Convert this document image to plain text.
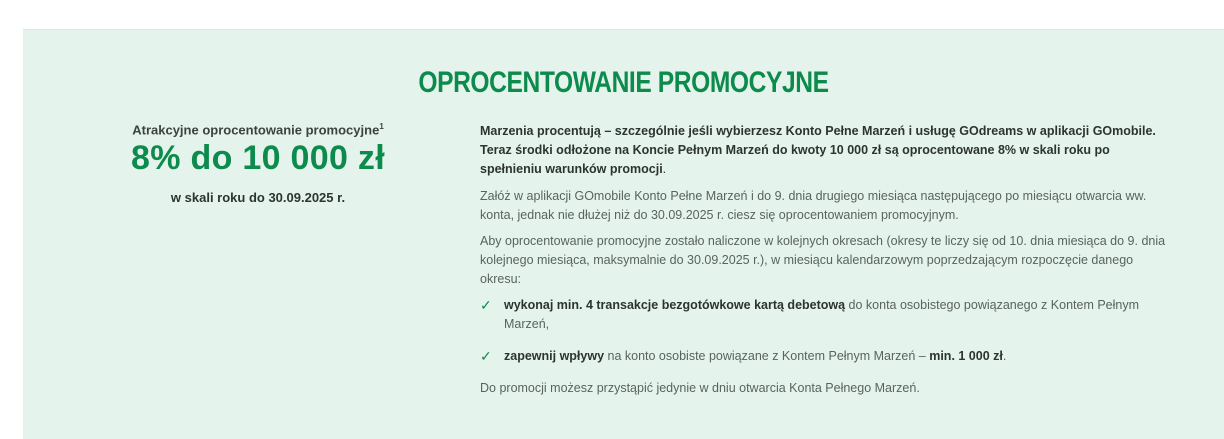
OPROCENTOWANIE PROMOCYJNE
Atrakcyjne oprocentowanie promocyjne$^1$
8% do 10 000 zł
w skali roku do 30.09.2025 r.

Marzenia procentują – szczególnie jeśli wybierzesz Konto Pełne Marzeń i usługę GOdreams w aplikacji GOmobile. Teraz środki odłożone na Koncie Pełnym Marzeń do kwoty 10 000 zł są oprocentowane 8% w skali roku po spełnieniu warunków promocji.

Załóż w aplikacji GOmobile Konto Pełne Marzeń i do 9. dnia drugiego miesiąca następującego po miesiącu otwarcia ww. konta, jednak nie dłużej niż do 30.09.2025 r. ciesz się oprocentowaniem promocyjnym.

Aby oprocentowanie promocyjne zostało naliczone w kolejnych okresach (okresy te liczy się od 10. dnia miesiąca do 9. dnia kolejnego miesiąca, maksymalnie do 30.09.2025 r.), w miesiącu kalendarzowym poprzedzającym rozpoczęcie danego okresu:

✓ wykonaj min. 4 transakcje bezgotówkowe kartą debetową do konta osobistego powiązanego z Kontem Pełnym Marzeń,
✓ zapewnij wpływy na konto osobiste powiązane z Kontem Pełnym Marzeń – min. 1 000 zł.

Do promocji możesz przystąpić jedynie w dniu otwarcia Konta Pełnego Marzeń.
